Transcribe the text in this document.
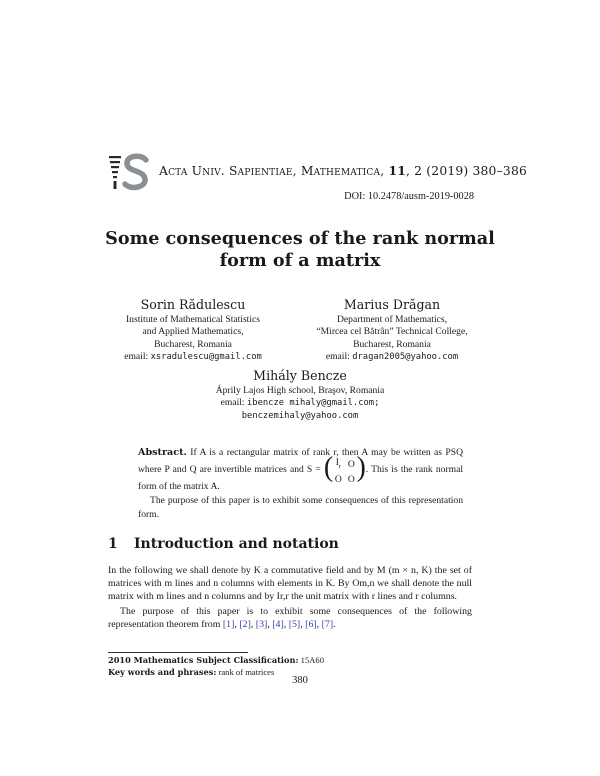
Acta Univ. Sapientiae, Mathematica, 11, 2 (2019) 380–386
DOI: 10.2478/ausm-2019-0028
Some consequences of the rank normal
form of a matrix
Sorin Rădulescu
Institute of Mathematical Statistics
and Applied Mathematics,
Bucharest, Romania
email: xsradulescu@gmail.com
Marius Drăgan
Department of Mathematics,
“Mircea cel Bătrân” Technical College,
Bucharest, Romania
email: dragan2005@yahoo.com
Mihály Bencze
Áprily Lajos High school, Braşov, Romania
email: ibencze mihaly@gmail.com;
benczemihaly@yahoo.com
Abstract. If A is a rectangular matrix of rank r, then A may be written as PSQ where P and Q are invertible matrices and S = ( $I_r$	O
O	O ) . This is the rank normal form of the matrix A.
The purpose of this paper is to exhibit some consequences of this representation form.
1 Introduction and notation

In the following we shall denote by K a commutative field and by M (m × n, K) the set of matrices with m lines and n columns with elements in K. By Om,n we shall denote the null matrix with m lines and n columns and by Ir,r the unit matrix with r lines and r columns.

The purpose of this paper is to exhibit some consequences of the following representation theorem from [1], [2], [3], [4], [5], [6], [7].

2010 Mathematics Subject Classification: 15A60
Key words and phrases: rank of matrices
380
